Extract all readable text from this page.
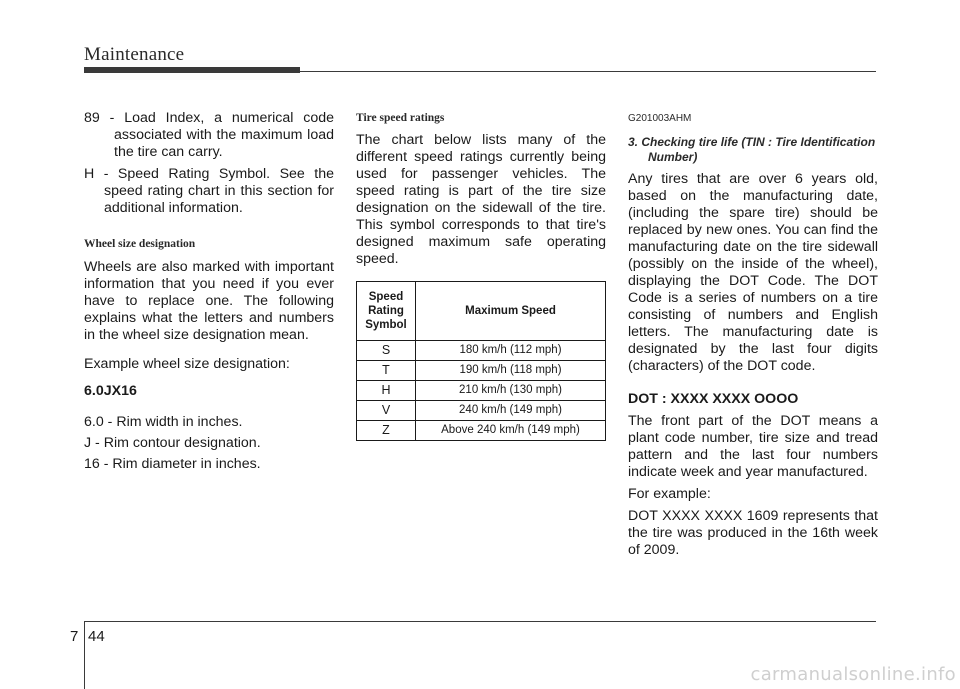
Maintenance

89 - Load Index, a numerical code associated with the maximum load the tire can carry.

H - Speed Rating Symbol. See the speed rating chart in this section for additional information.

Wheel size designation

Wheels are also marked with important information that you need if you ever have to replace one. The following explains what the letters and numbers in the wheel size designation mean.

Example wheel size designation:

6.0JX16

6.0 - Rim width in inches.

J - Rim contour designation.

16 - Rim diameter in inches.

Tire speed ratings

The chart below lists many of the different speed ratings currently being used for passenger vehicles. The speed rating is part of the tire size designation on the sidewall of the tire. This symbol corresponds to that tire's designed maximum safe operating speed.

Speed
Rating
Symbol	Maximum Speed
S	180 km/h (112 mph)
T	190 km/h (118 mph)
H	210 km/h (130 mph)
V	240 km/h (149 mph)
Z	Above 240 km/h (149 mph)

G201003AHM

3. Checking tire life (TIN : Tire Identification Number)

Any tires that are over 6 years old, based on the manufacturing date, (including the spare tire) should be replaced by new ones. You can find the manufacturing date on the tire sidewall (possibly on the inside of the wheel), displaying the DOT Code. The DOT Code is a series of numbers on a tire consisting of numbers and English letters. The manufacturing date is designated by the last four digits (characters) of the DOT code.

DOT : XXXX XXXX OOOO

The front part of the DOT means a plant code number, tire size and tread pattern and the last four numbers indicate week and year manufactured.

For example:

DOT XXXX XXXX 1609 represents that the tire was produced in the 16th week of 2009.

7 44
carmanualsonline.info
